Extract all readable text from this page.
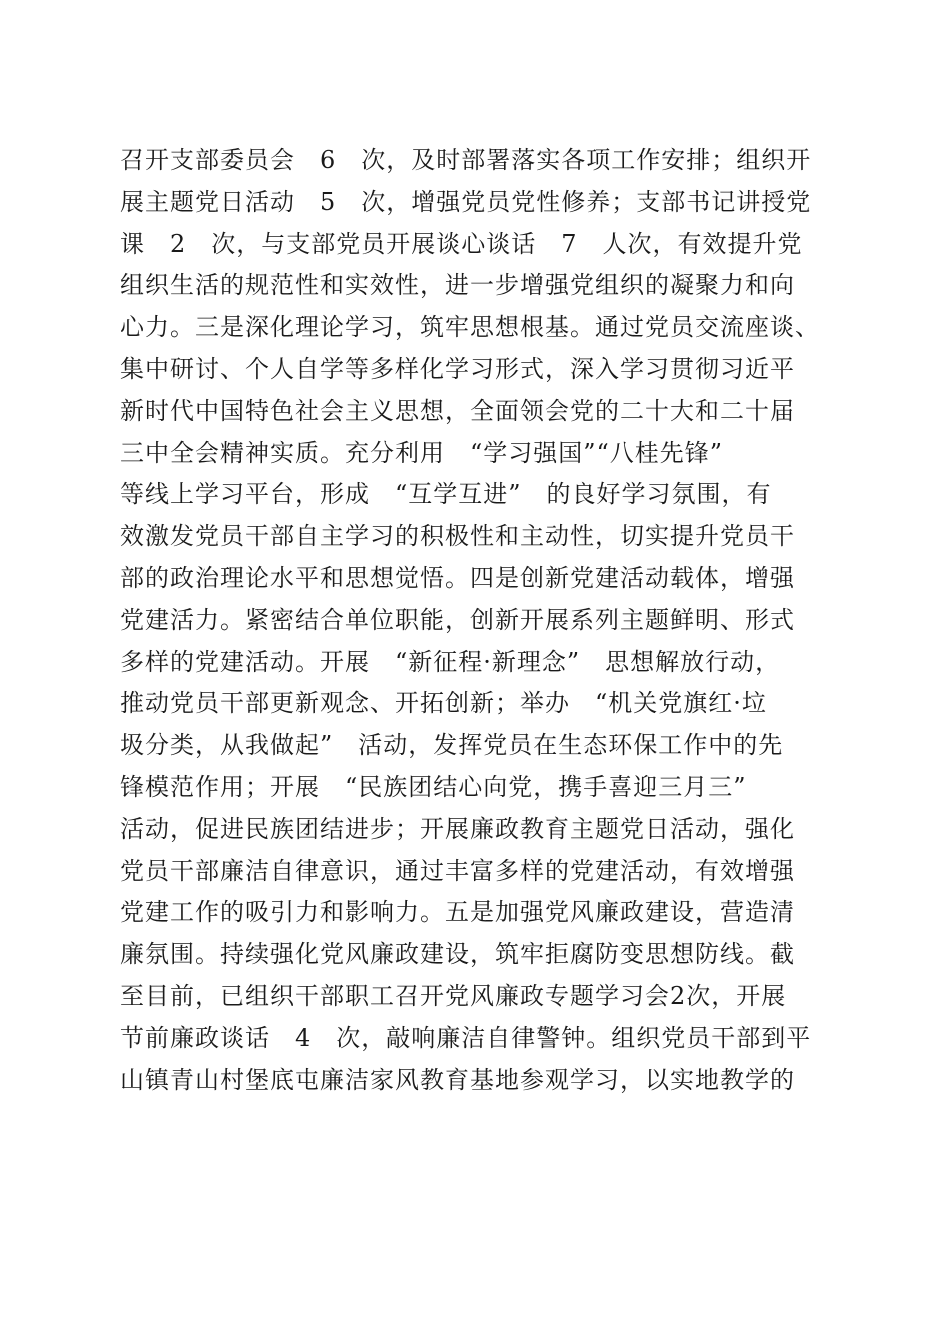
召开支部委员会　6　次，及时部署落实各项工作安排；组织开
展主题党日活动　5　次，增强党员党性修养；支部书记讲授党
课　2　次，与支部党员开展谈心谈话　7　人次，有效提升党
组织生活的规范性和实效性，进一步增强党组织的凝聚力和向
心力。三是深化理论学习，筑牢思想根基。通过党员交流座谈、
集中研讨、个人自学等多样化学习形式，深入学习贯彻习近平
新时代中国特色社会主义思想，全面领会党的二十大和二十届
三中全会精神实质。充分利用　“学习强国”“八桂先锋”
等线上学习平台，形成　“互学互进”　的良好学习氛围，有
效激发党员干部自主学习的积极性和主动性，切实提升党员干
部的政治理论水平和思想觉悟。四是创新党建活动载体，增强
党建活力。紧密结合单位职能，创新开展系列主题鲜明、形式
多样的党建活动。开展　“新征程·新理念”　思想解放行动，
推动党员干部更新观念、开拓创新；举办　“机关党旗红·垃
圾分类，从我做起”　活动，发挥党员在生态环保工作中的先
锋模范作用；开展　“民族团结心向党，携手喜迎三月三”
活动，促进民族团结进步；开展廉政教育主题党日活动，强化
党员干部廉洁自律意识，通过丰富多样的党建活动，有效增强
党建工作的吸引力和影响力。五是加强党风廉政建设，营造清
廉氛围。持续强化党风廉政建设，筑牢拒腐防变思想防线。截
至目前，已组织干部职工召开党风廉政专题学习会2次，开展
节前廉政谈话　4　次，敲响廉洁自律警钟。组织党员干部到平
山镇青山村堡底屯廉洁家风教育基地参观学习，以实地教学的
